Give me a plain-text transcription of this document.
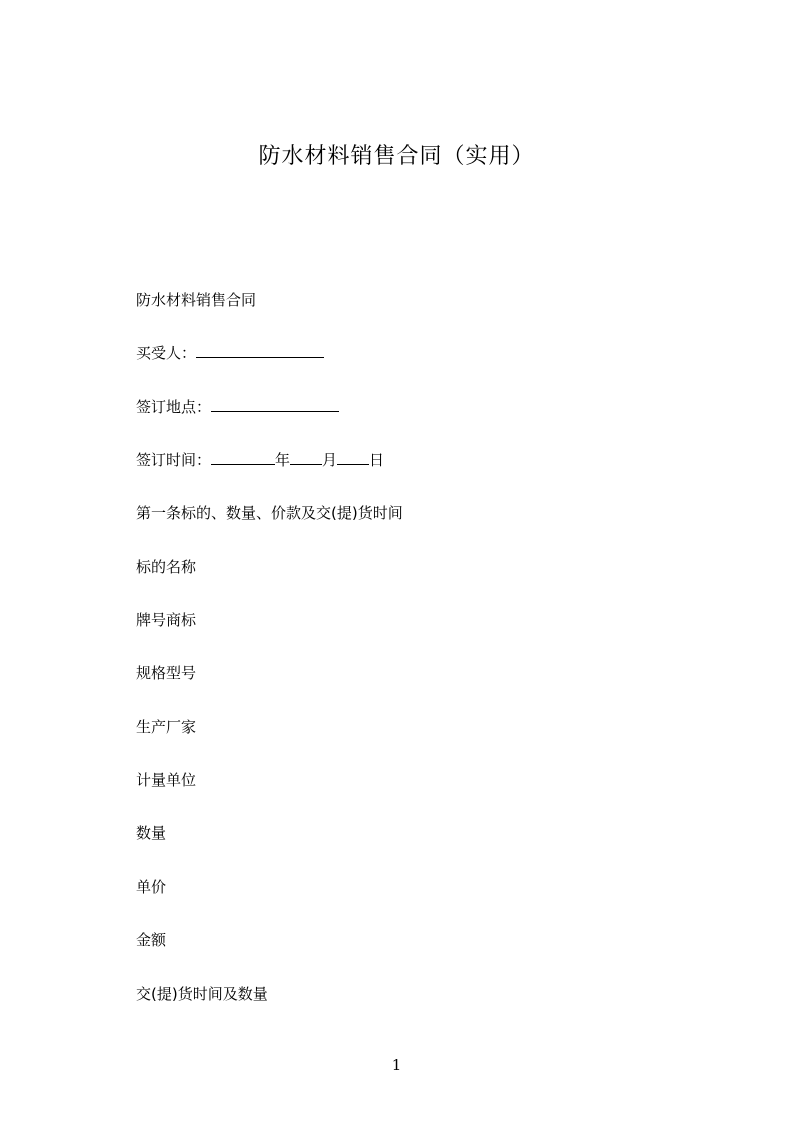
防水材料销售合同（实用）
防水材料销售合同
买受人：
签订地点：
签订时间：	年 月 日
第一条标的、数量、价款及交(提)货时间
标的名称
牌号商标
规格型号
生产厂家
计量单位
数量
单价
金额
交(提)货时间及数量
1
